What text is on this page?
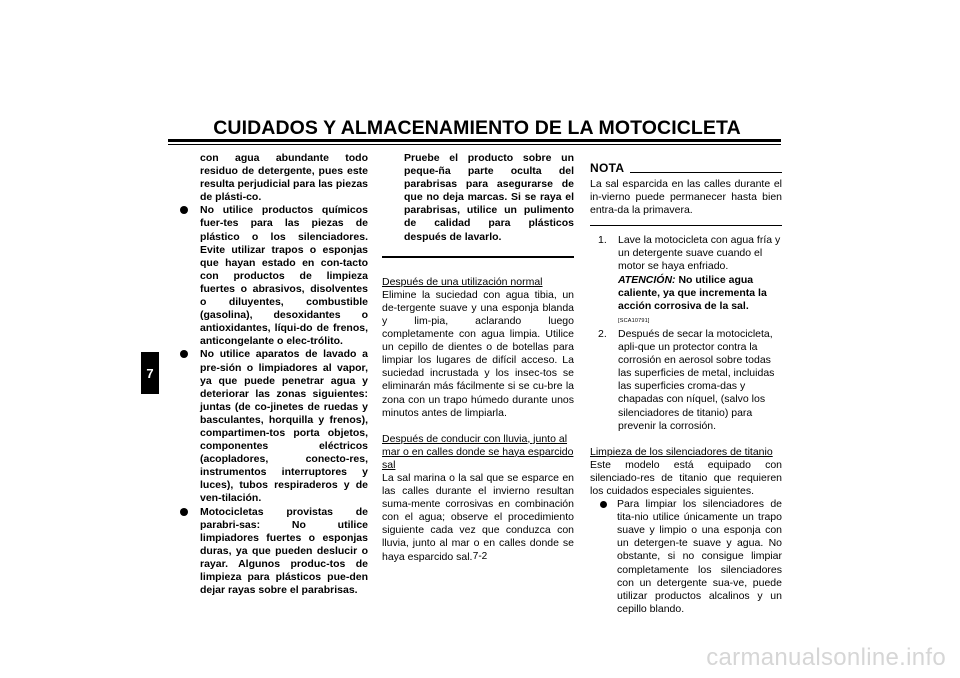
CUIDADOS Y ALMACENAMIENTO DE LA MOTOCICLETA
7

con agua abundante todo residuo de detergente, pues este resulta perjudicial para las piezas de plásti-co.

No utilice productos químicos fuer-tes para las piezas de plástico o los silenciadores. Evite utilizar trapos o esponjas que hayan estado en con-tacto con productos de limpieza fuertes o abrasivos, disolventes o diluyentes, combustible (gasolina), desoxidantes o antioxidantes, líqui-do de frenos, anticongelante o elec-trólito.
No utilice aparatos de lavado a pre-sión o limpiadores al vapor, ya que puede penetrar agua y deteriorar las zonas siguientes: juntas (de co-jinetes de ruedas y basculantes, horquilla y frenos), compartimen-tos porta objetos, componentes eléctricos (acopladores, conecto-res, instrumentos interruptores y luces), tubos respiraderos y de ven-tilación.
Motocicletas provistas de parabri-sas: No utilice limpiadores fuertes o esponjas duras, ya que pueden deslucir o rayar. Algunos produc-tos de limpieza para plásticos pue-den dejar rayas sobre el parabrisas.

Pruebe el producto sobre un peque-ña parte oculta del parabrisas para asegurarse de que no deja marcas. Si se raya el parabrisas, utilice un pulimento de calidad para plásticos después de lavarlo.

Después de una utilización normal

Elimine la suciedad con agua tibia, un de-tergente suave y una esponja blanda y lim-pia, aclarando luego completamente con agua limpia. Utilice un cepillo de dientes o de botellas para limpiar los lugares de difícil acceso. La suciedad incrustada y los insec-tos se eliminarán más fácilmente si se cu-bre la zona con un trapo húmedo durante unos minutos antes de limpiarla.

Después de conducir con lluvia, junto al mar o en calles donde se haya esparcido sal

La sal marina o la sal que se esparce en las calles durante el invierno resultan suma-mente corrosivas en combinación con el agua; observe el procedimiento siguiente cada vez que conduzca con lluvia, junto al mar o en calles donde se haya esparcido sal.

NOTA

La sal esparcida en las calles durante el in-vierno puede permanecer hasta bien entra-da la primavera.

1. Lave la motocicleta con agua fría y un detergente suave cuando el motor se haya enfriado. ATENCIÓN: No utilice agua caliente, ya que incrementa la acción corrosiva de la sal. [SCA10791]
2. Después de secar la motocicleta, apli-que un protector contra la corrosión en aerosol sobre todas las superficies de metal, incluidas las superficies croma-das y chapadas con níquel, (salvo los silenciadores de titanio) para prevenir la corrosión.

Limpieza de los silenciadores de titanio

Este modelo está equipado con silenciado-res de titanio que requieren los cuidados especiales siguientes.

Para limpiar los silenciadores de tita-nio utilice únicamente un trapo suave y limpio o una esponja con un detergen-te suave y agua. No obstante, si no consigue limpiar completamente los silenciadores con un detergente sua-ve, puede utilizar productos alcalinos y un cepillo blando.
7-2
carmanualsonline.info
